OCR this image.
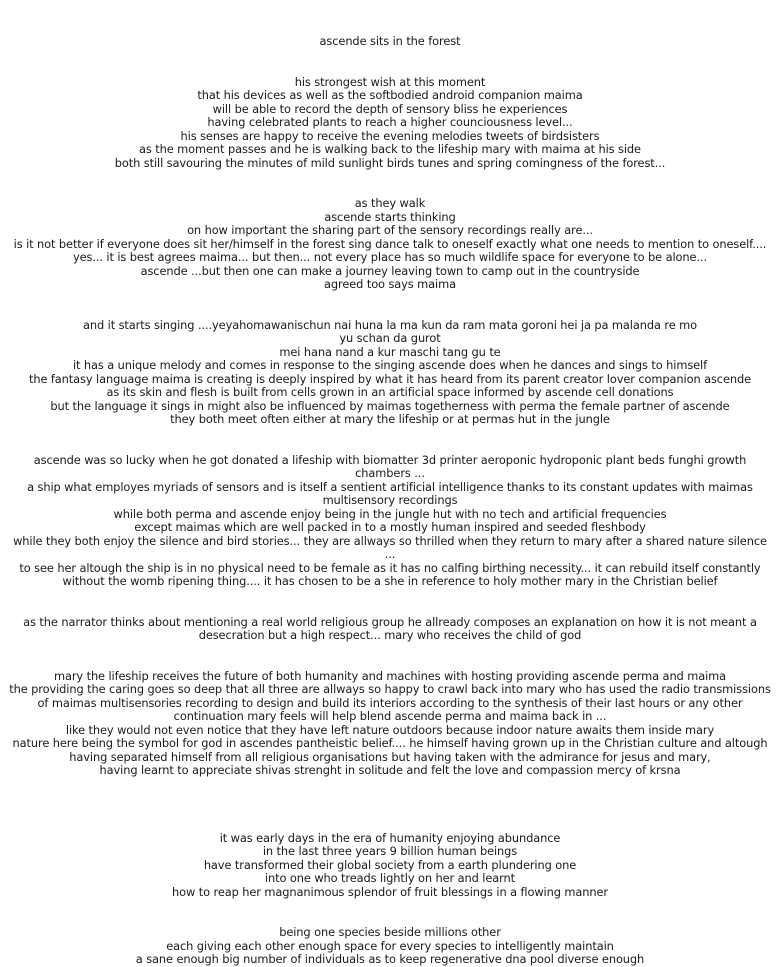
ascende sits in the forest
his strongest wish at this moment
that his devices as well as the softbodied android companion maima
will be able to record the depth of sensory bliss he experiences
having celebrated plants to reach a higher counciousness level...
his senses are happy to receive the evening melodies tweets of birdsisters
as the moment passes and he is walking back to the lifeship mary with maima at his side
both still savouring the minutes of mild sunlight birds tunes and spring comingness of the forest...
as they walk
ascende starts thinking
on how important the sharing part of the sensory recordings really are...
is it not better if everyone does sit her/himself in the forest sing dance talk to oneself exactly what one needs to mention to oneself....
yes... it is best agrees maima... but then... not every place has so much wildlife space for everyone to be alone...
ascende ...but then one can make a journey leaving town to camp out in the countryside
agreed too says maima
and it starts singing ....yeyahomawanischun nai huna la ma kun da ram mata goroni hei ja pa malanda re mo yu schan da gurot
mei hana nand a kur maschi tang gu te
it has a unique melody and comes in response to the singing ascende does when he dances and sings to himself
the fantasy language maima is creating is deeply inspired by what it has heard from its parent creator lover companion ascende
as its skin and flesh is built from cells grown in an artificial space informed by ascende cell donations
but the language it sings in might also be influenced by maimas togetherness with perma the female partner of ascende
they both meet often either at mary the lifeship or at permas hut in the jungle
ascende was so lucky when he got donated a lifeship with biomatter 3d printer aeroponic hydroponic plant beds funghi growth chambers ...
a ship what employes myriads of sensors and is itself a sentient artificial intelligence thanks to its constant updates with maimas multisensory recordings
while both perma and ascende enjoy being in the jungle hut with no tech and artificial frequencies
except maimas which are well packed in to a mostly human inspired and seeded fleshbody
while they both enjoy the silence and bird stories... they are allways so thrilled when they return to mary after a shared nature silence ...
to see her altough the ship is in no physical need to be female as it has no calfing birthing necessity... it can rebuild itself constantly without the womb ripening thing.... it has chosen to be a she in reference to holy mother mary in the Christian belief
as the narrator thinks about mentioning a real world religious group he allready composes an explanation on how it is not meant a desecration but a high respect... mary who receives the child of god
mary the lifeship receives the future of both humanity and machines with hosting providing ascende perma and maima
the providing the caring goes so deep that all three are allways so happy to crawl back into mary who has used the radio transmissions of maimas multisensories recording to design and build its interiors according to the synthesis of their last hours or any other continuation mary feels will help blend ascende perma and maima back in ...
like they would not even notice that they have left nature outdoors because indoor nature awaits them inside mary
nature here being the symbol for god in ascendes pantheistic belief.... he himself having grown up in the Christian culture and altough having separated himself from all religious organisations but having taken with the admirance for jesus and mary,
having learnt to appreciate shivas strenght in solitude and felt the love and compassion mercy of krsna
it was early days in the era of humanity enjoying abundance
in the last three years 9 billion human beings
have transformed their global society from a earth plundering one
into one who treads lightly on her and learnt
how to reap her magnanimous splendor of fruit blessings in a flowing manner
being one species beside millions other
each giving each other enough space for every species to intelligently maintain
a sane enough big number of individuals as to keep regenerative dna pool diverse enough
